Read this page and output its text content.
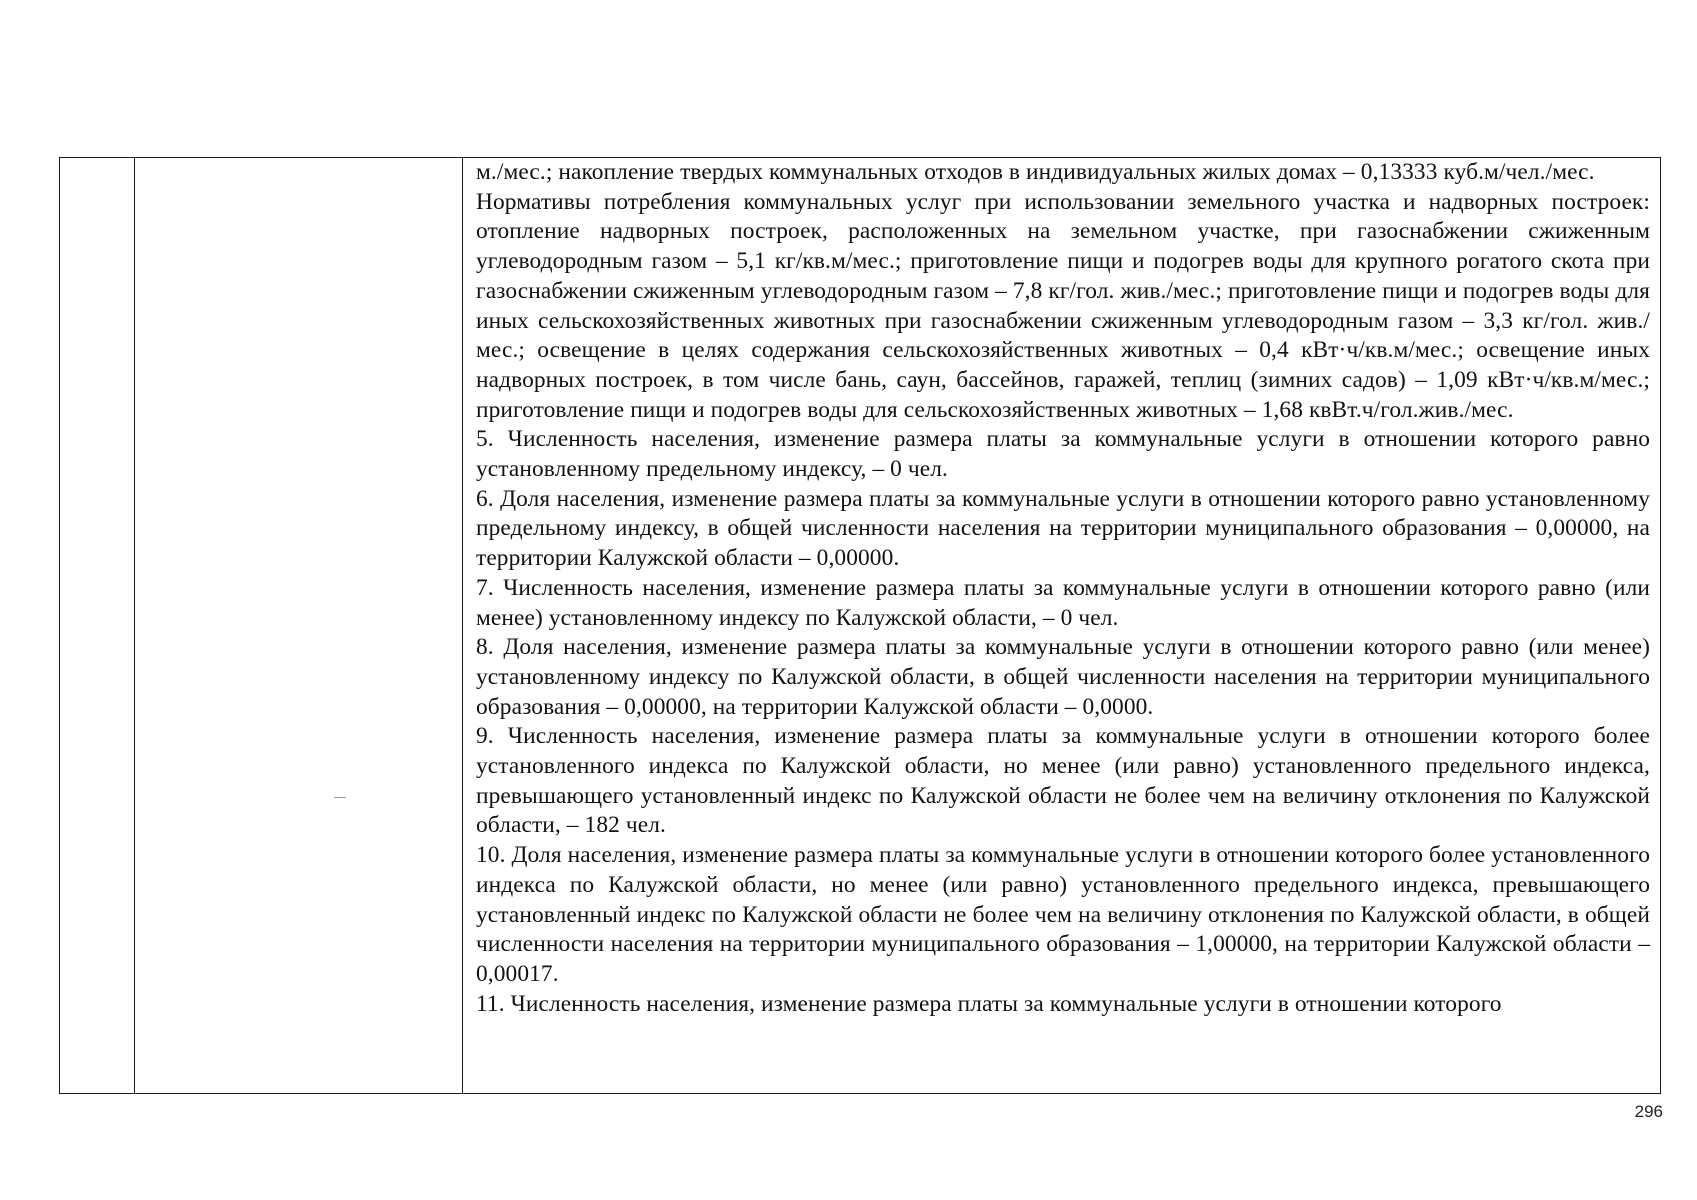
м./мес.; накопление твердых коммунальных отходов в индивидуальных жилых домах – 0,13333 куб.м/чел./мес.

Нормативы потребления коммунальных услуг при использовании земельного участка и надворных построек: отопление надворных построек, расположенных на земельном участке, при газоснабжении сжиженным углеводородным газом – 5,1 кг/кв.м/мес.; приготовление пищи и подогрев воды для крупного рогатого скота при газоснабжении сжиженным углеводородным газом – 7,8 кг/гол. жив./мес.; приготовление пищи и подогрев воды для иных сельскохозяйственных животных при газоснабжении сжиженным углеводородным газом – 3,3 кг/гол. жив./мес.; освещение в целях содержания сельскохозяйственных животных – 0,4 кВт·ч/кв.м/мес.; освещение иных надворных построек, в том числе бань, саун, бассейнов, гаражей, теплиц (зимних садов) – 1,09 кВт·ч/кв.м/мес.; приготовление пищи и подогрев воды для сельскохозяйственных животных – 1,68 квВт.ч/гол.жив./мес.

5. Численность населения, изменение размера платы за коммунальные услуги в отношении которого равно установленному предельному индексу, – 0 чел.

6. Доля населения, изменение размера платы за коммунальные услуги в отношении которого равно установленному предельному индексу, в общей численности населения на территории муниципального образования – 0,00000, на территории Калужской области – 0,00000.

7. Численность населения, изменение размера платы за коммунальные услуги в отношении которого равно (или менее) установленному индексу по Калужской области, – 0 чел.

8. Доля населения, изменение размера платы за коммунальные услуги в отношении которого равно (или менее) установленному индексу по Калужской области, в общей численности населения на территории муниципального образования – 0,00000, на территории Калужской области – 0,0000.

9. Численность населения, изменение размера платы за коммунальные услуги в отношении которого более установленного индекса по Калужской области, но менее (или равно) установленного предельного индекса, превышающего установленный индекс по Калужской области не более чем на величину отклонения по Калужской области, – 182 чел.

10. Доля населения, изменение размера платы за коммунальные услуги в отношении которого более установленного индекса по Калужской области, но менее (или равно) установленного предельного индекса, превышающего установленный индекс по Калужской области не более чем на величину отклонения по Калужской области, в общей численности населения на территории муниципального образования – 1,00000, на территории Калужской области – 0,00017.

11. Численность населения, изменение размера платы за коммунальные услуги в отношении которого

296
